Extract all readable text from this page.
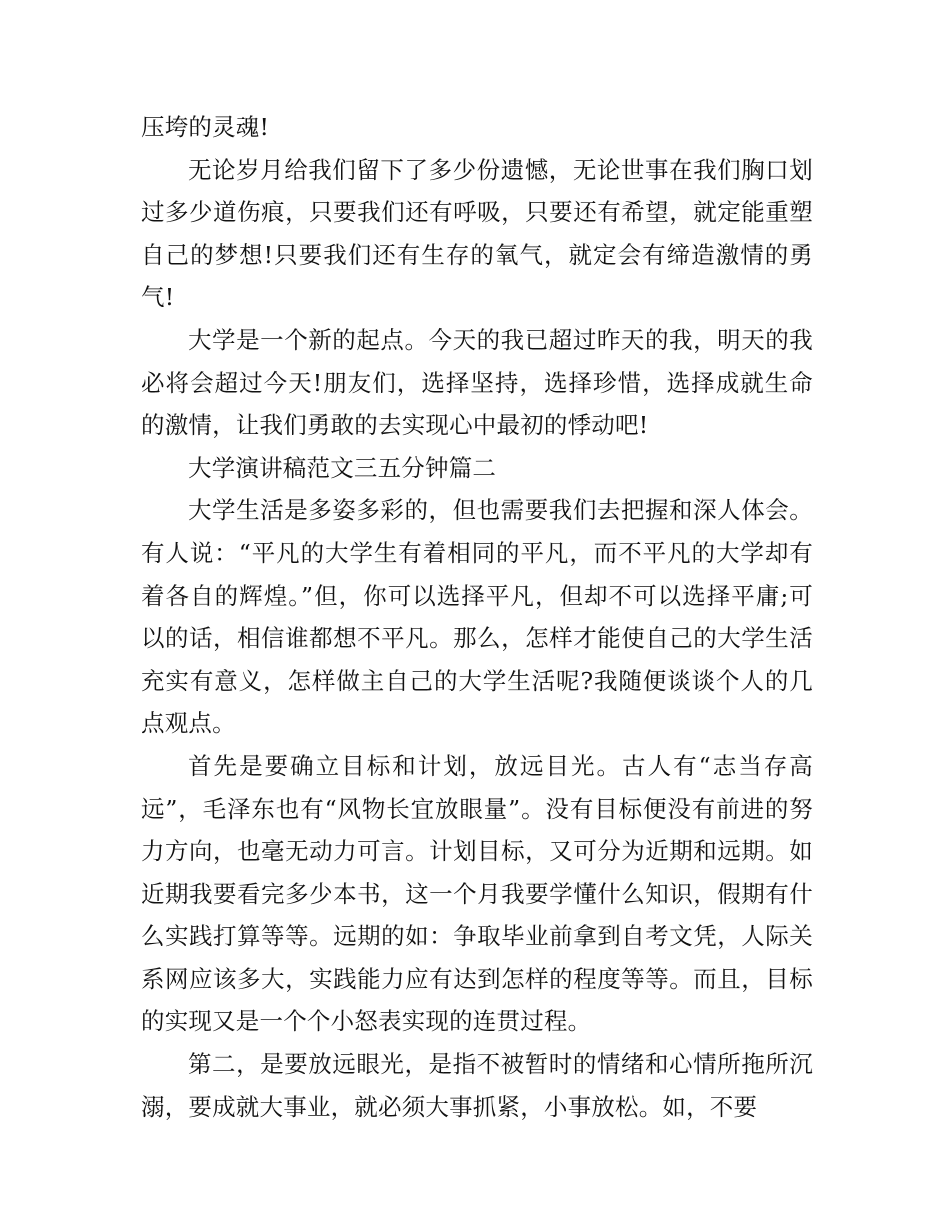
压垮的灵魂!

无论岁月给我们留下了多少份遗憾，无论世事在我们胸口划过多少道伤痕，只要我们还有呼吸，只要还有希望，就定能重塑自己的梦想!只要我们还有生存的氧气，就定会有缔造激情的勇气!

大学是一个新的起点。今天的我已超过昨天的我，明天的我必将会超过今天!朋友们，选择坚持，选择珍惜，选择成就生命的激情，让我们勇敢的去实现心中最初的悸动吧!

大学演讲稿范文三五分钟篇二

大学生活是多姿多彩的，但也需要我们去把握和深人体会。有人说：“平凡的大学生有着相同的平凡，而不平凡的大学却有着各自的辉煌。”但，你可以选择平凡，但却不可以选择平庸;可以的话，相信谁都想不平凡。那么，怎样才能使自己的大学生活充实有意义，怎样做主自己的大学生活呢?我随便谈谈个人的几点观点。

首先是要确立目标和计划，放远目光。古人有“志当存高远”，毛泽东也有“风物长宜放眼量”。没有目标便没有前进的努力方向，也毫无动力可言。计划目标，又可分为近期和远期。如近期我要看完多少本书，这一个月我要学懂什么知识，假期有什么实践打算等等。远期的如：争取毕业前拿到自考文凭，人际关系网应该多大，实践能力应有达到怎样的程度等等。而且，目标的实现又是一个个小怒表实现的连贯过程。

第二，是要放远眼光，是指不被暂时的情绪和心情所拖所沉溺，要成就大事业，就必须大事抓紧，小事放松。如，不要
